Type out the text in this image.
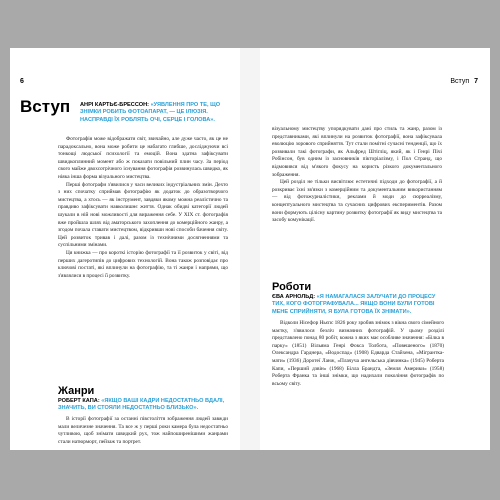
6
Вступ АНРІ КАРТЬЄ-БРЕССОН: «УЯВЛЕННЯ ПРО ТЕ, ЩО ЗНІМКИ РОБИТЬ ФОТОАПАРАТ, — ЦЕ ІЛЮЗІЯ. НАСПРАВДІ ЇХ РОБЛЯТЬ ОЧІ, СЕРЦЕ І ГОЛОВА».

Фотографія може відображати світ, звичайно, але дуже часто, як це не парадоксально, вона може робити це набагато глибше, досліджуючи всі тонкощі людської психології та емоцій. Вона здатна зафіксувати швидкоплинний момент або ж показати повільний плин часу. За період свого майже двохсотрічного існування фотографія розвинулась швидко, як ніяка інша форма візуального мистецтва.

Перші фотографи з'явилися у часи великих індустріальних змін. Дехто з них спочатку сприймав фотографію як додаток до образотворчого мистецтва, а хтось — як інструмент, завдяки якому можна реалістично та правдиво зафіксувати навколишнє життя. Однак обидві категорії людей шукали в ній нові можливості для вираження себе. У XIX ст. фотографія вже пройшла шлях від аматорського захоплення до комерційного жанру, а згодом почала ставати мистецтвом, відкривши нові способи бачення світу. Цей розвиток тривав і далі, разом із технічними досягненнями та суспільними змінами.

Ця книжка — про короткі історію фотографії та її розвиток у світі, від перших дагеротипів до цифрових технологій. Вона також розповідає про ключові постаті, які вплинули на фотографію, та ті жанри і напрями, що з'являлися в процесі її розвитку.

Жанри
РОБЕРТ КАПА: «ЯКЩО ВАШІ КАДРИ НЕДОСТАТНЬО ВДАЛІ, ЗНАЧИТЬ, ВИ СТОЯЛИ НЕДОСТАТНЬО БЛИЗЬКО».

В історії фотографії за останні півстоліття зображення людей завжди мали величезне значення. Та все ж у перші роки камера була недостатньо чутливою, щоб знімати швидкий рух, тож найпоширенішими жанрами стали натюрморт, пейзаж та портрет.

Вступ 7

візуальному мистецтву упорядкувати дані про стиль та жанр, разом із представниками, які вплинули на розвиток фотографії, вона зафіксувала еволюцію зорового сприйняття. Тут стали помітні сучасні тенденції, що їх розвивали такі фотографи, як Альфред Штігліц, який, як і Генрі Пічі Робінсон, був одним із засновників пікторіалізму, і Пол Странд, що відмовився від м'якого фокусу на користь різкого документального зображення.

Цей розділ не тільки висвітлює естетичні підходи до фотографії, а й розкриває їхні зв'язки з комерційним та документальним використанням — від фотожурналістики, реклами й моди до сюрреалізму, концептуального мистецтва та сучасних цифрових експериментів. Разом вони формують цілісну картину розвитку фотографії як виду мистецтва та засобу комунікації.

Роботи
ЄВА АРНОЛЬД: «Я НАМАГАЛАСЯ ЗАЛУЧАТИ ДО ПРОЦЕСУ ТИХ, КОГО ФОТОГРАФУВАЛА... ЯКЩО ВОНИ БУЛИ ГОТОВІ МЕНЕ СПРИЙНЯТИ, Я БУЛА ГОТОВА ЇХ ЗНІМАТИ».

Відколи Нісефор Ньєпс 1826 року зробив знімок з вікна свого сімейного маєтку, з'явилося безліч визначних фотографій. У цьому розділі представлено понад 80 робіт, кожна з яких має особливе значення: «Білка в парку» (1851) Вільяма Генрі Фокса Толбота, «Повешеного» (1870) Олександра Гарднера, «Водоспад» (1908) Едварда Стайхена, «Мігрантка-мати» (1936) Доротеї Ланж, «Плачуча ангельська дівчинка» (1945) Роберта Капи, «Перший дзвін» (1968) Білла Брандта, «Земля Америки» (1958) Роберта Франка та інші знімки, що надихали покоління фотографів по всьому світу.
